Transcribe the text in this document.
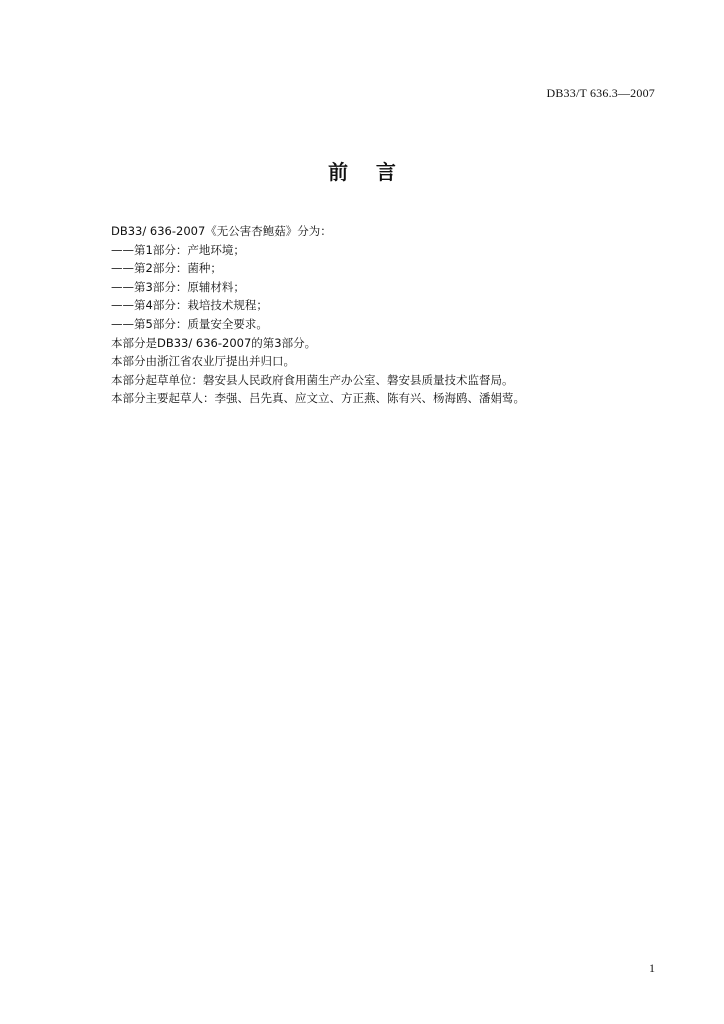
DB33/T 636.3—2007
前    言
DB33/ 636-2007《无公害杏鲍菇》分为：
——第1部分：产地环境；
——第2部分：菌种；
——第3部分：原辅材料；
——第4部分：栽培技术规程；
——第5部分：质量安全要求。
本部分是DB33/ 636-2007的第3部分。
本部分由浙江省农业厅提出并归口。
本部分起草单位：磐安县人民政府食用菌生产办公室、磐安县质量技术监督局。
本部分主要起草人：李强、吕先真、应文立、方正燕、陈有兴、杨海鸥、潘娟莺。
1
